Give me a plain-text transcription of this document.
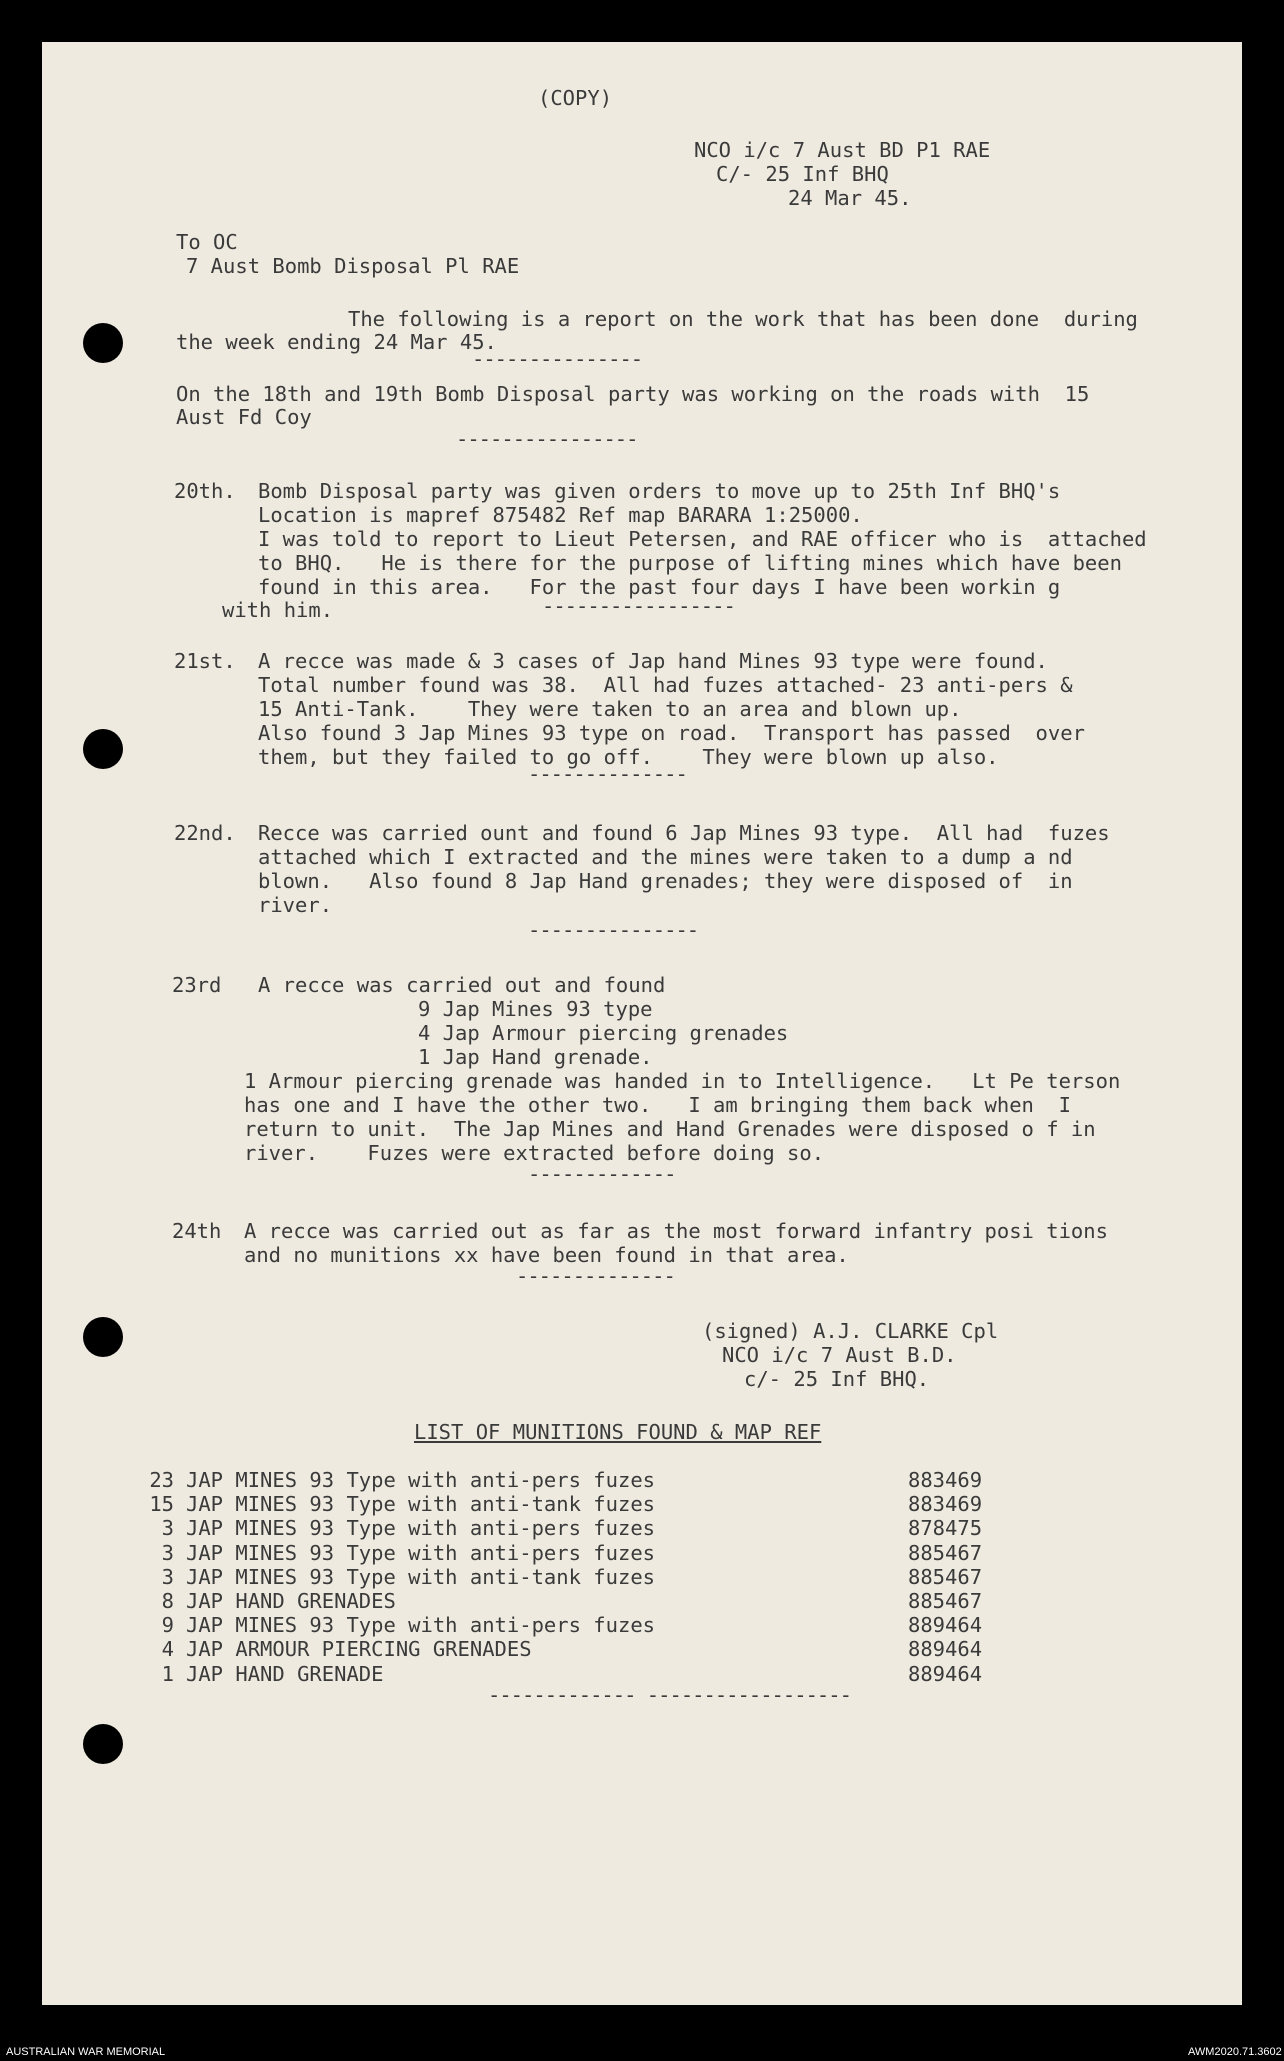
(COPY)
NCO i/c 7 Aust BD P1 RAE
C/- 25 Inf BHQ
24 Mar 45.
To OC
7 Aust Bomb Disposal Pl RAE
The following is a report on the work that has been done  during
the week ending 24 Mar 45.
---------------
On the 18th and 19th Bomb Disposal party was working on the roads with  15
Aust Fd Coy
----------------
20th. Bomb Disposal party was given orders to move up to 25th Inf BHQ's
Location is mapref 875482 Ref map BARARA 1:25000.
I was told to report to Lieut Petersen, and RAE officer who is  attached
to BHQ.   He is there for the purpose of lifting mines which have been
found in this area.   For the past four days I have been workin g
with him.	-----------------
21st. A recce was made & 3 cases of Jap hand Mines 93 type were found.
Total number found was 38.  All had fuzes attached- 23 anti-pers &
15 Anti-Tank.    They were taken to an area and blown up.
Also found 3 Jap Mines 93 type on road.  Transport has passed  over
them, but they failed to go off.    They were blown up also.
--------------
22nd. Recce was carried ount and found 6 Jap Mines 93 type.  All had  fuzes
attached which I extracted and the mines were taken to a dump a nd
blown.   Also found 8 Jap Hand grenades; they were disposed of  in
river.
---------------
23rd A recce was carried out and found
9 Jap Mines 93 type
4 Jap Armour piercing grenades
1 Jap Hand grenade.
1 Armour piercing grenade was handed in to Intelligence.   Lt Pe terson
has one and I have the other two.   I am bringing them back when  I
return to unit.  The Jap Mines and Hand Grenades were disposed o f in
river.    Fuzes were extracted before doing so.
-------------
24th A recce was carried out as far as the most forward infantry posi tions
and no munitions xx have been found in that area.
--------------
(signed) A.J. CLARKE Cpl
NCO i/c 7 Aust B.D.
c/- 25 Inf BHQ.
LIST OF MUNITIONS FOUND & MAP REF
23 JAP MINES 93 Type with anti-pers fuzes	883469
15 JAP MINES 93 Type with anti-tank fuzes	883469
3 JAP MINES 93 Type with anti-pers fuzes	878475
3 JAP MINES 93 Type with anti-pers fuzes	885467
3 JAP MINES 93 Type with anti-tank fuzes	885467
8 JAP HAND GRENADES	885467
9 JAP MINES 93 Type with anti-pers fuzes	889464
4 JAP ARMOUR PIERCING GRENADES	889464
1 JAP HAND GRENADE	889464
------------- ------------------
AUSTRALIAN WAR MEMORIAL	AWM2020.71.3602
